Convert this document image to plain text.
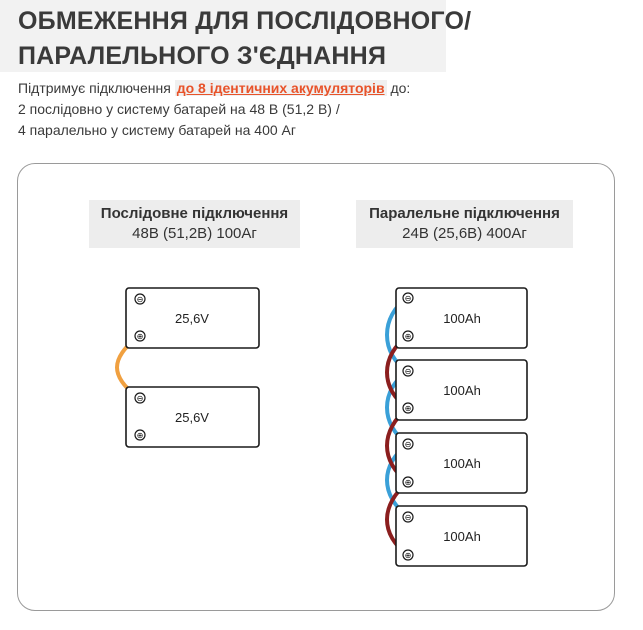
ОБМЕЖЕННЯ ДЛЯ ПОСЛІДОВНОГО/
ПАРАЛЕЛЬНОГО З'ЄДНАННЯ
Підтримує підключення до 8 ідентичних акумуляторів до:
2 послідовно у систему батарей на 48 В (51,2 В) /
4 паралельно у систему батарей на 400 Аг
Послідовне підключення
48В (51,2В) 100Аг
Паралельне підключення
24В (25,6В) 400Аг
25,6V
⊖
⊕
25,6V
⊖
⊕
100Ah
⊖
⊕
100Ah
⊖
⊕
100Ah
⊖
⊕
100Ah
⊖
⊕
